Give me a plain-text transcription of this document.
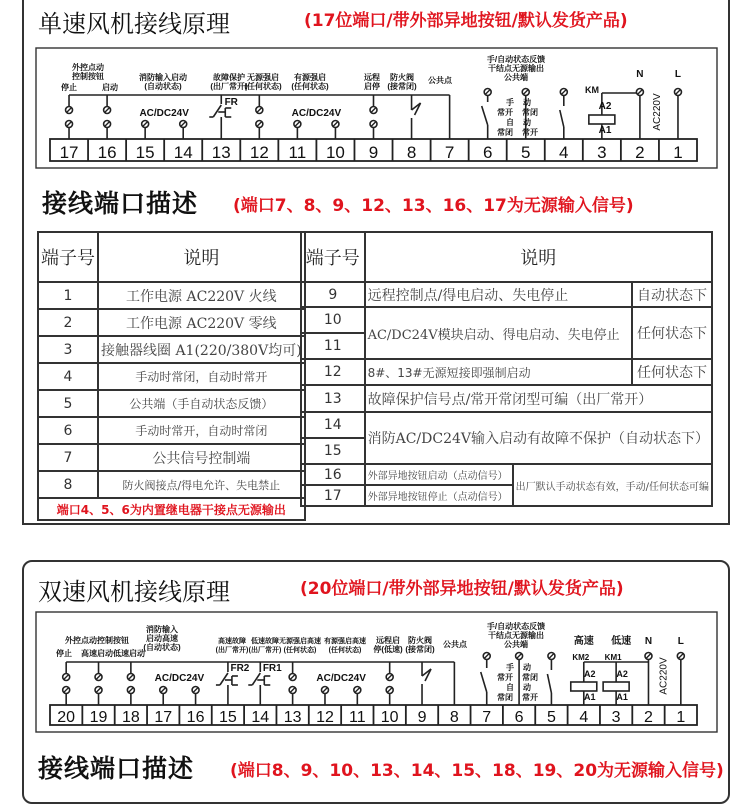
单速风机接线原理	(17位端口/带外部异地按钮/默认发货产品)
接线端口描述 (端口7、8、9、12、13、16、17为无源输入信号)
端子号	说明
1	工作电源 AC220V 火线
2	工作电源 AC220V 零线
3	接触器线圈 A1(220/380V均可)
4	手动时常闭，自动时常开
5	公共端（手自动状态反馈）
6	手动时常开，自动时常闭
7	公共信号控制端
8	防火阀接点/得电允许、失电禁止
端口4、5、6为内置继电器干接点无源输出	
端子号	说明		
9	远程控制点/得电启动、失电停止		自动状态下
10	AC/DC24V模块启动、得电启动、失电停止		任何状态下
11			
12	8#、13#无源短接即强制启动		任何状态下
13	故障保护信号点/常开常闭型可编（出厂常开）		
14	消防AC/DC24V输入启动有故障不保护（自动状态下）		
15			
16	外部异地按钮启动（点动信号）	出厂默认手动状态有效，手动/任何状态可编	
17	外部异地按钮停止（点动信号）		
双速风机接线原理	(20位端口/带外部异地按钮/默认发货产品)
接线端口描述 (端口8、9、10、13、14、15、18、19、20为无源输入信号)
17 16 15 14 13 12 11 10 9 8 7 6 5 4 3 2 1
外控点动
控制按钮
停止	启动
消防输入启动
(自动状态)
故障保护
(出厂常开)
无源强启
(任何状态)
有源强启
(任何状态)
远程
启停
防火阀
(接常闭)
公共点
手/自动状态反馈
干结点无源输出
公共端
AC/DC24V	AC/DC24V
FR	手
常开
自
常闭
动
常闭
动
常开
KM
A2
A1
N	L
AC220V
20 19 18 17 16 15 14 13 12 11 10 9 8 7 6 5 4 3 2 1
外控点动控制按钮
停止 高速启动 低速启动
消防输入
启动高速
(自动状态)
高速故障
(出厂常开)
低速故障
(出厂常开)
无源强启高速
(任何状态)
有源强启高速
(任何状态)
远程启
停(低速)
防火阀
(接常闭)
公共点
手/自动状态反馈
干结点无源输出
公共端
AC/DC24V	AC/DC24V
FR2 FR1	手
常开
自
常闭
动
常闭
动
常开
高速 低速
KM2 KM1
A2 A2
A1 A1
N	L
AC220V
